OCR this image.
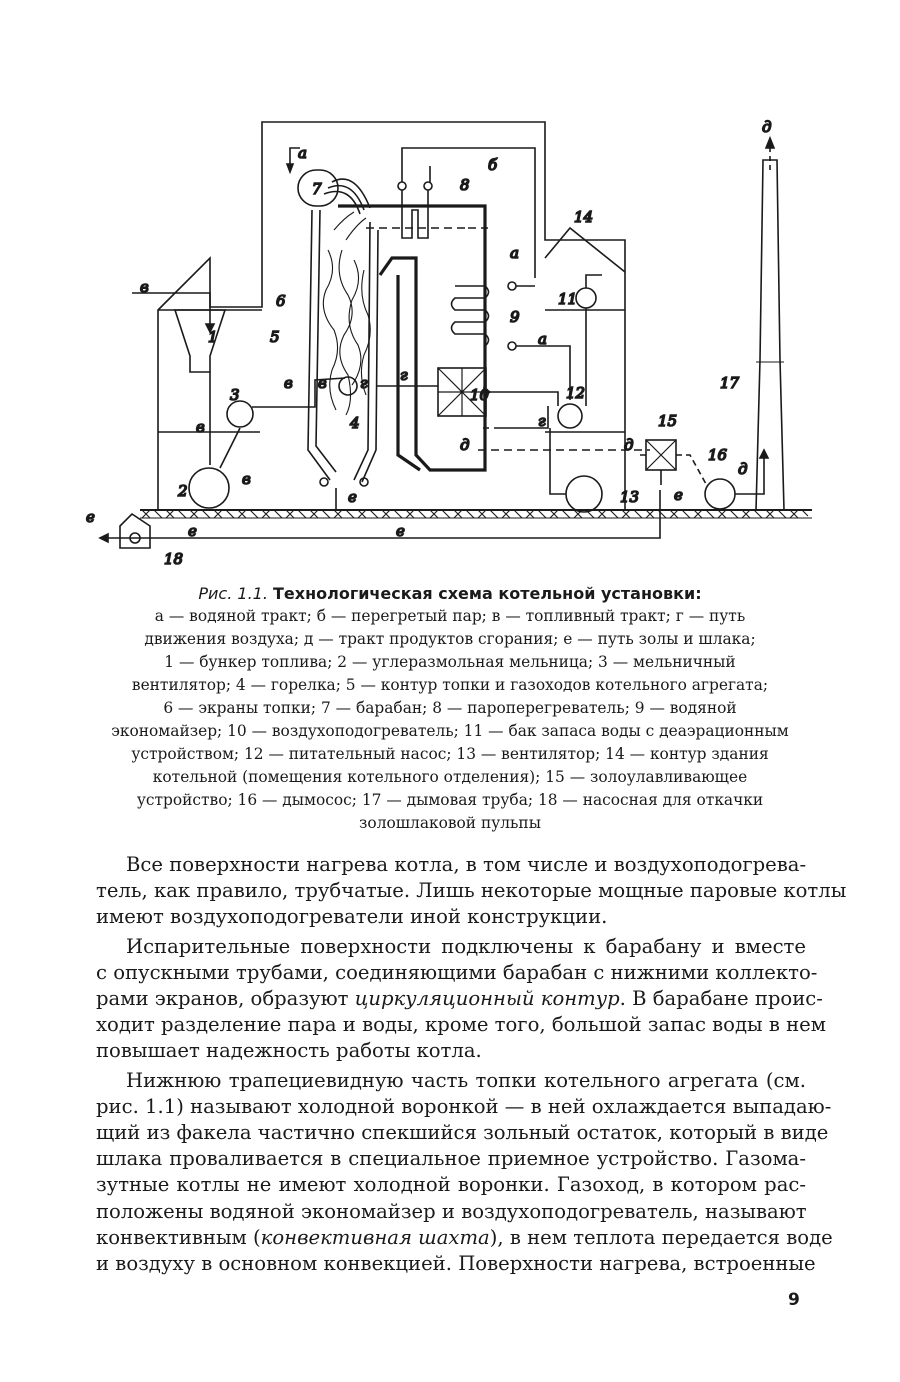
а
б
д
8
7
14
а
в
11
1
6
9
а
5
3
в в г г
10
17
12
4
в	г	15
д	д
д
16
в
2	е	13 е
е
е	е
18
Рис. 1.1. Технологическая схема котельной установки:
а — водяной тракт; б — перегретый пар; в — топливный тракт; г — путь
движения воздуха; д — тракт продуктов сгорания; е — путь золы и шлака;
1 — бункер топлива; 2 — углеразмольная мельница; 3 — мельничный
вентилятор; 4 — горелка; 5 — контур топки и газоходов котельного агрегата;
6 — экраны топки; 7 — барабан; 8 — пароперегреватель; 9 — водяной
экономайзер; 10 — воздухоподогреватель; 11 — бак запаса воды с деаэрационным
устройством; 12 — питательный насос; 13 — вентилятор; 14 — контур здания
котельной (помещения котельного отделения); 15 — золоулавливающее
устройство; 16 — дымосос; 17 — дымовая труба; 18 — насосная для откачки
золошлаковой пульпы

Все поверхности нагрева котла, в том числе и воздухоподогрева-
тель, как правило, трубчатые. Лишь некоторые мощные паровые котлы
имеют воздухоподогреватели иной конструкции.

Испарительные поверхности подключены к барабану и вместе
с опускными трубами, соединяющими барабан с нижними коллекто-
рами экранов, образуют циркуляционный контур. В барабане проис-
ходит разделение пара и воды, кроме того, большой запас воды в нем
повышает надежность работы котла.

Нижнюю трапециевидную часть топки котельного агрегата (см.
рис. 1.1) называют холодной воронкой — в ней охлаждается выпадаю-
щий из факела частично спекшийся зольный остаток, который в виде
шлака проваливается в специальное приемное устройство. Газома-
зутные котлы не имеют холодной воронки. Газоход, в котором рас-
положены водяной экономайзер и воздухоподогреватель, называют
конвективным (конвективная шахта), в нем теплота передается воде
и воздуху в основном конвекцией. Поверхности нагрева, встроенные

9
